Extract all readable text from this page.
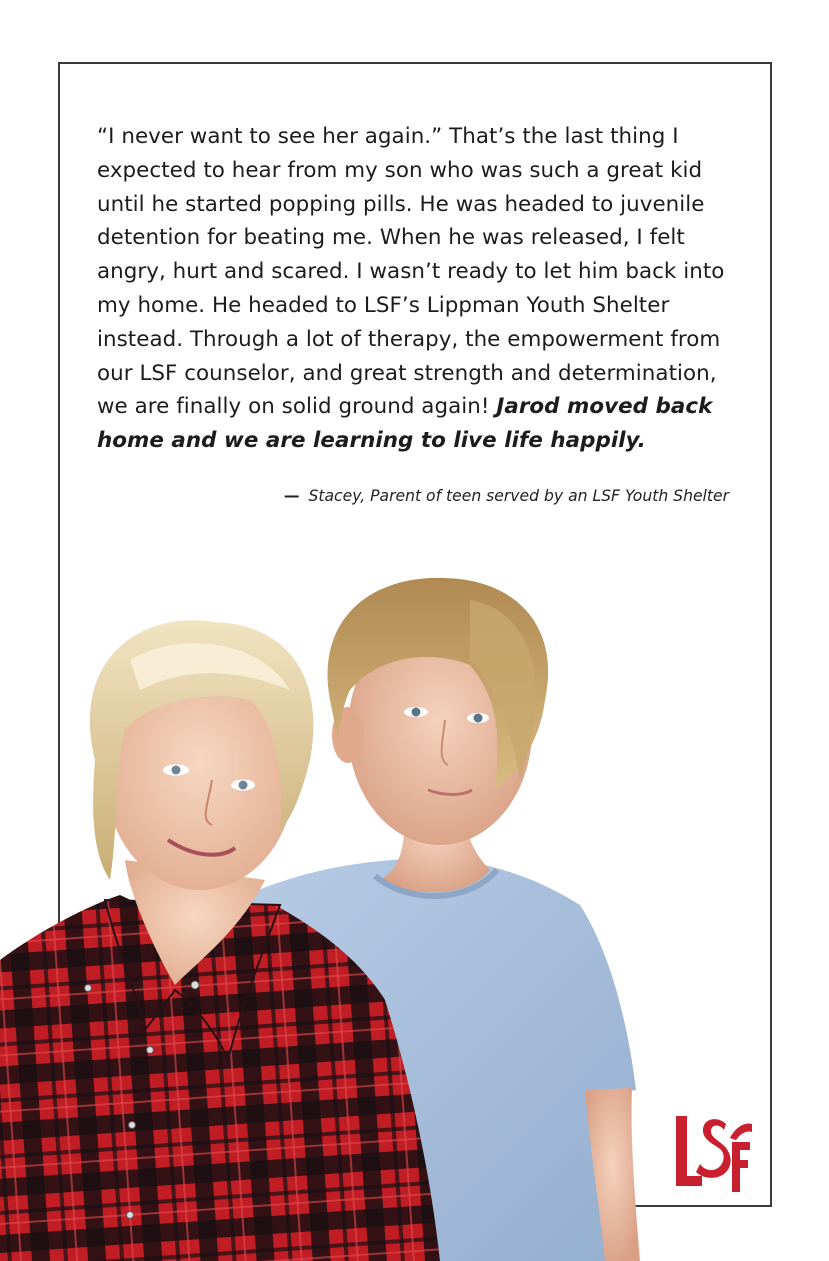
“I never want to see her again.” That’s the last thing I expected to hear from my son who was such a great kid until he started popping pills. He was headed to juvenile detention for beating me. When he was released, I felt angry, hurt and scared. I wasn’t ready to let him back into my home. He headed to LSF’s Lippman Youth Shelter instead. Through a lot of therapy, the empowerment from our LSF counselor, and great strength and determination, we are finally on solid ground again! Jarod moved back home and we are learning to live life happily.

— Stacey, Parent of teen served by an LSF Youth Shelter
